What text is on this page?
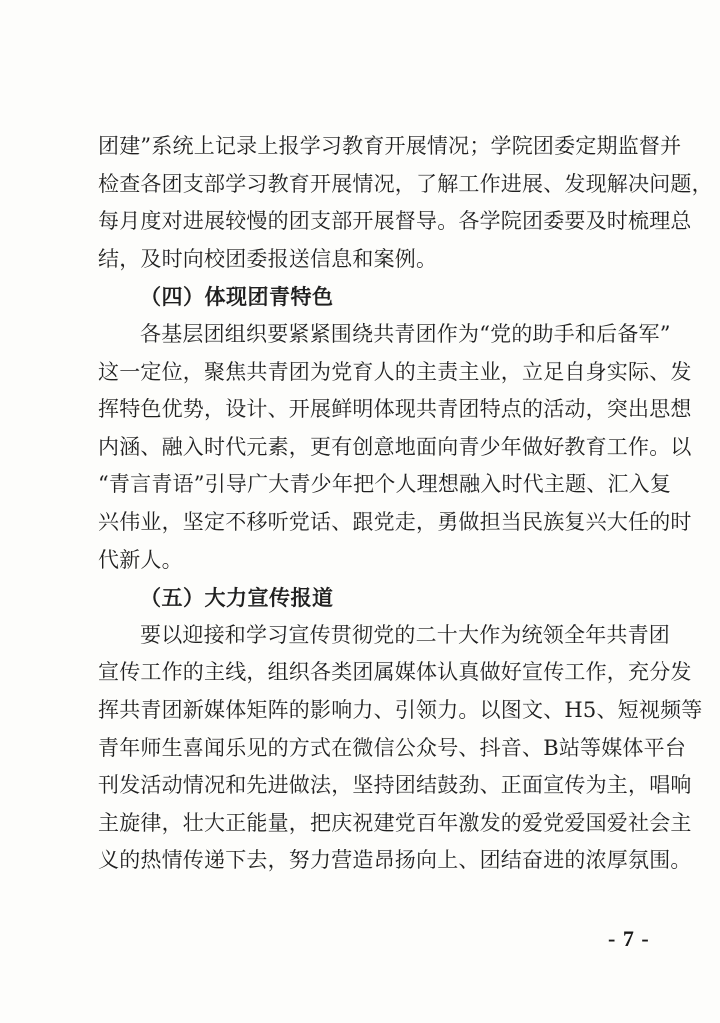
团建”系统上记录上报学习教育开展情况；学院团委定期监督并
检查各团支部学习教育开展情况，了解工作进展、发现解决问题，
每月度对进展较慢的团支部开展督导。各学院团委要及时梳理总
结，及时向校团委报送信息和案例。
（四）体现团青特色
各基层团组织要紧紧围绕共青团作为“党的助手和后备军”
这一定位，聚焦共青团为党育人的主责主业，立足自身实际、发
挥特色优势，设计、开展鲜明体现共青团特点的活动，突出思想
内涵、融入时代元素，更有创意地面向青少年做好教育工作。以
“青言青语”引导广大青少年把个人理想融入时代主题、汇入复
兴伟业，坚定不移听党话、跟党走，勇做担当民族复兴大任的时
代新人。
（五）大力宣传报道
要以迎接和学习宣传贯彻党的二十大作为统领全年共青团
宣传工作的主线，组织各类团属媒体认真做好宣传工作，充分发
挥共青团新媒体矩阵的影响力、引领力。以图文、H5、短视频等
青年师生喜闻乐见的方式在微信公众号、抖音、B站等媒体平台
刊发活动情况和先进做法，坚持团结鼓劲、正面宣传为主，唱响
主旋律，壮大正能量，把庆祝建党百年激发的爱党爱国爱社会主
义的热情传递下去，努力营造昂扬向上、团结奋进的浓厚氛围。
- 7 -
